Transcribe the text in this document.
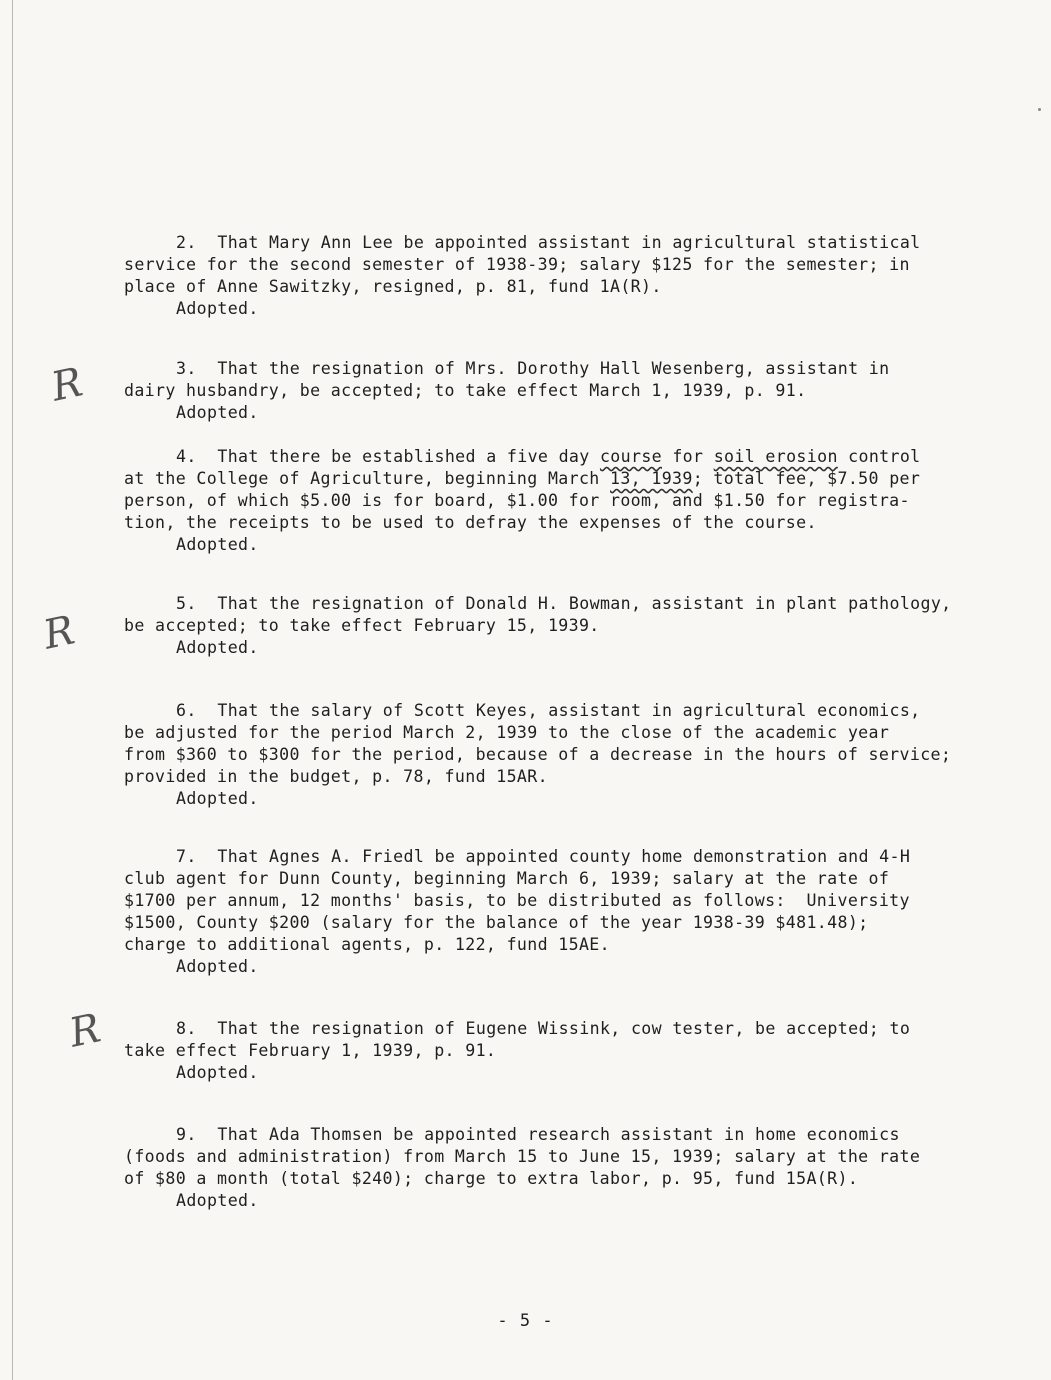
R
R
R
2.  That Mary Ann Lee be appointed assistant in agricultural statistical
service for the second semester of 1938-39; salary $125 for the semester; in
place of Anne Sawitzky, resigned, p. 81, fund 1A(R).
Adopted.
3.  That the resignation of Mrs. Dorothy Hall Wesenberg, assistant in
dairy husbandry, be accepted; to take effect March 1, 1939, p. 91.
Adopted.
4.  That there be established a five day course for soil erosion control
at the College of Agriculture, beginning March 13, 1939; total fee, $7.50 per
person, of which $5.00 is for board, $1.00 for room, and $1.50 for registra-
tion, the receipts to be used to defray the expenses of the course.
Adopted.
5.  That the resignation of Donald H. Bowman, assistant in plant pathology,
be accepted; to take effect February 15, 1939.
Adopted.
6.  That the salary of Scott Keyes, assistant in agricultural economics,
be adjusted for the period March 2, 1939 to the close of the academic year
from $360 to $300 for the period, because of a decrease in the hours of service;
provided in the budget, p. 78, fund 15AR.
Adopted.
7.  That Agnes A. Friedl be appointed county home demonstration and 4-H
club agent for Dunn County, beginning March 6, 1939; salary at the rate of
$1700 per annum, 12 months' basis, to be distributed as follows:  University
$1500, County $200 (salary for the balance of the year 1938-39 $481.48);
charge to additional agents, p. 122, fund 15AE.
Adopted.
8.  That the resignation of Eugene Wissink, cow tester, be accepted; to
take effect February 1, 1939, p. 91.
Adopted.
9.  That Ada Thomsen be appointed research assistant in home economics
(foods and administration) from March 15 to June 15, 1939; salary at the rate
of $80 a month (total $240); charge to extra labor, p. 95, fund 15A(R).
Adopted.
- 5 -
